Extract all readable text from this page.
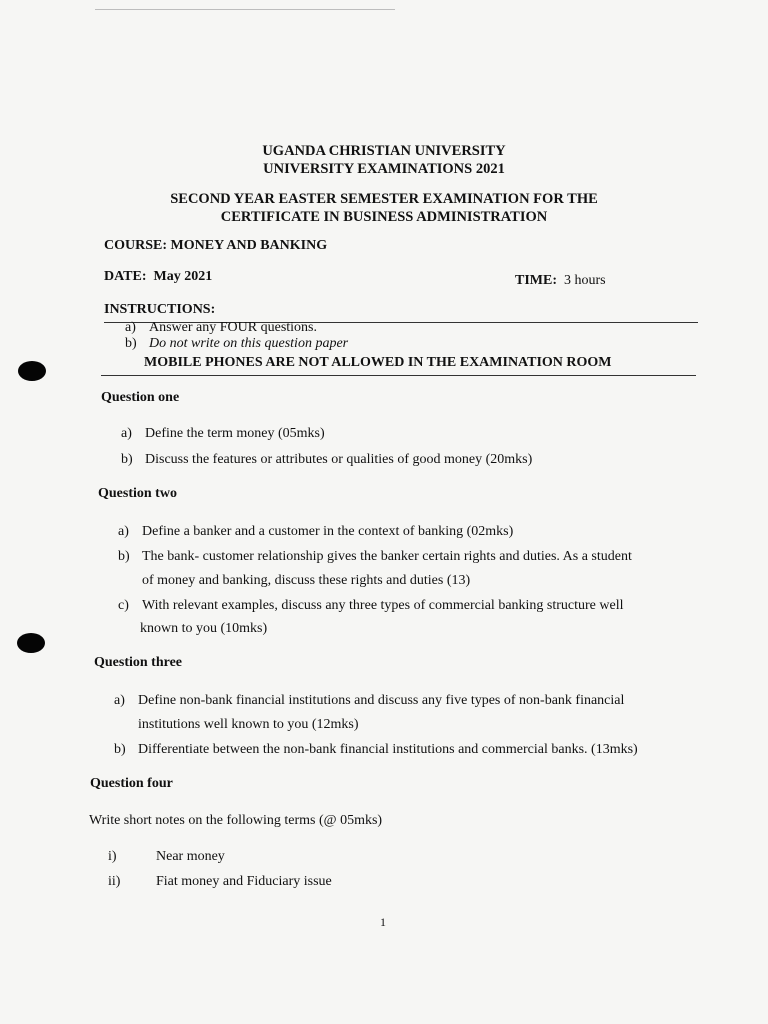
UGANDA CHRISTIAN UNIVERSITY
UNIVERSITY EXAMINATIONS 2021
SECOND YEAR EASTER SEMESTER EXAMINATION FOR THE
CERTIFICATE IN BUSINESS ADMINISTRATION
COURSE: MONEY AND BANKING
DATE: May 2021	TIME: 3 hours
INSTRUCTIONS:
a) Answer any FOUR questions.
b) Do not write on this question paper
MOBILE PHONES ARE NOT ALLOWED IN THE EXAMINATION ROOM
Question one
a) Define the term money (05mks)
b) Discuss the features or attributes or qualities of good money (20mks)
Question two
a) Define a banker and a customer in the context of banking (02mks)
b) The bank- customer relationship gives the banker certain rights and duties. As a student
of money and banking, discuss these rights and duties (13)
c) With relevant examples, discuss any three types of commercial banking structure well
known to you (10mks)
Question three
a) Define non-bank financial institutions and discuss any five types of non-bank financial
institutions well known to you (12mks)
b) Differentiate between the non-bank financial institutions and commercial banks. (13mks)
Question four
Write short notes on the following terms (@ 05mks)
i)	Near money
ii)	Fiat money and Fiduciary issue
1
